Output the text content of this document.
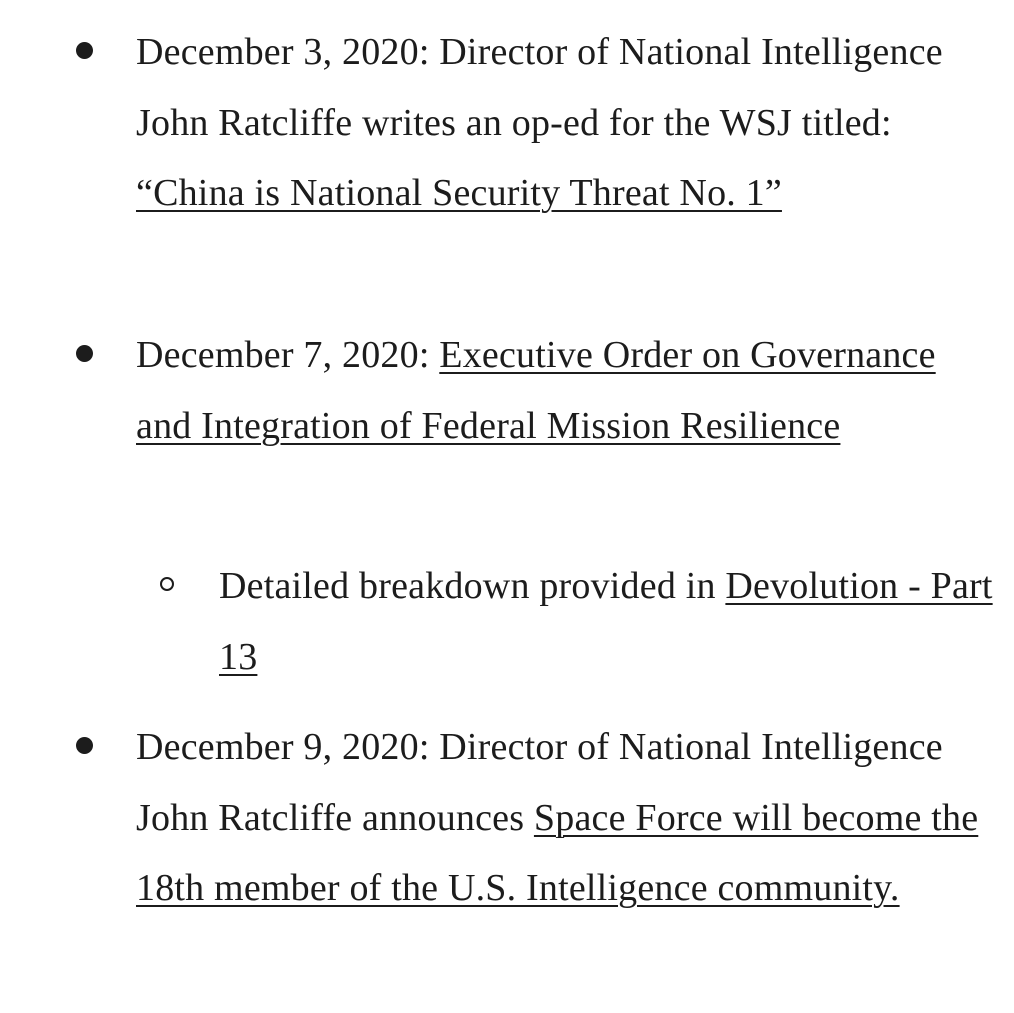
December 3, 2020: Director of National Intelligence John Ratcliffe writes an op-ed for the WSJ titled: “China is National Security Threat No. 1”
December 7, 2020: Executive Order on Governance and Integration of Federal Mission Resilience
Detailed breakdown provided in Devolution - Part 13
December 9, 2020: Director of National Intelligence John Ratcliffe announces Space Force will become the 18th member of the U.S. Intelligence community.
